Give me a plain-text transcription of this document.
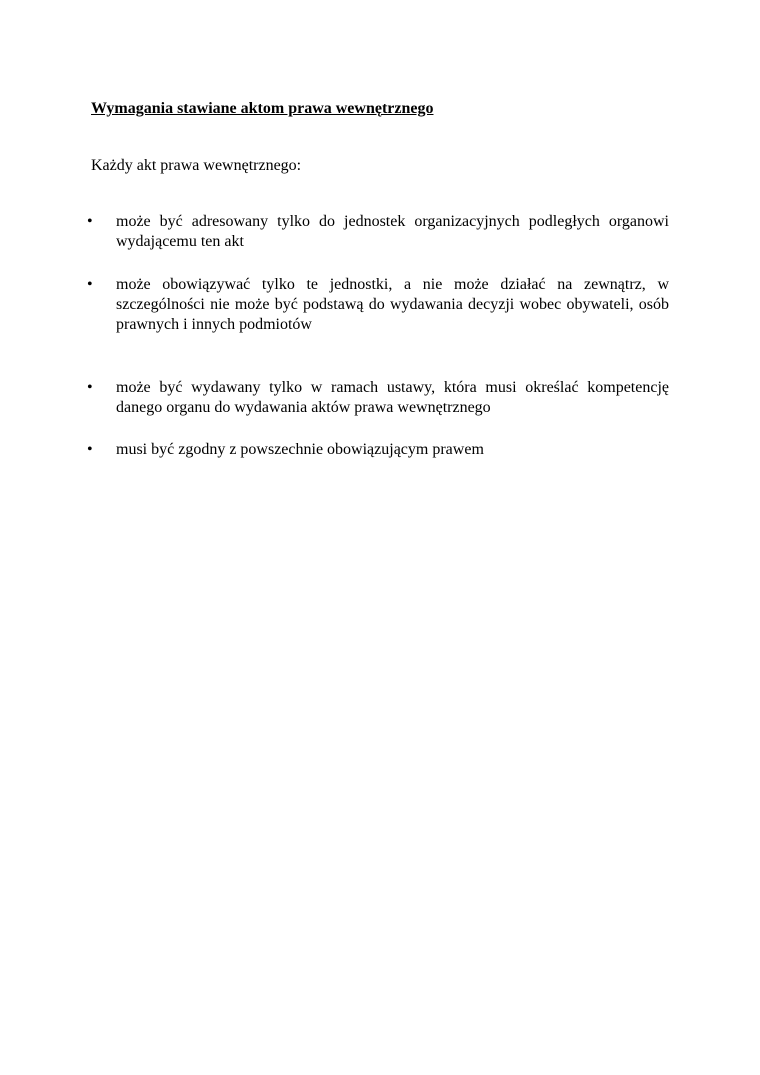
Wymagania stawiane aktom prawa wewnętrznego
Każdy akt prawa wewnętrznego:
• może być adresowany tylko do jednostek organizacyjnych podległych organowi wydającemu ten akt
• może obowiązywać tylko te jednostki, a nie może działać na zewnątrz, w szczególności nie może być podstawą do wydawania decyzji wobec obywateli, osób prawnych i innych podmiotów
• może być wydawany tylko w ramach ustawy, która musi określać kompetencję danego organu do wydawania aktów prawa wewnętrznego
• musi być zgodny z powszechnie obowiązującym prawem
